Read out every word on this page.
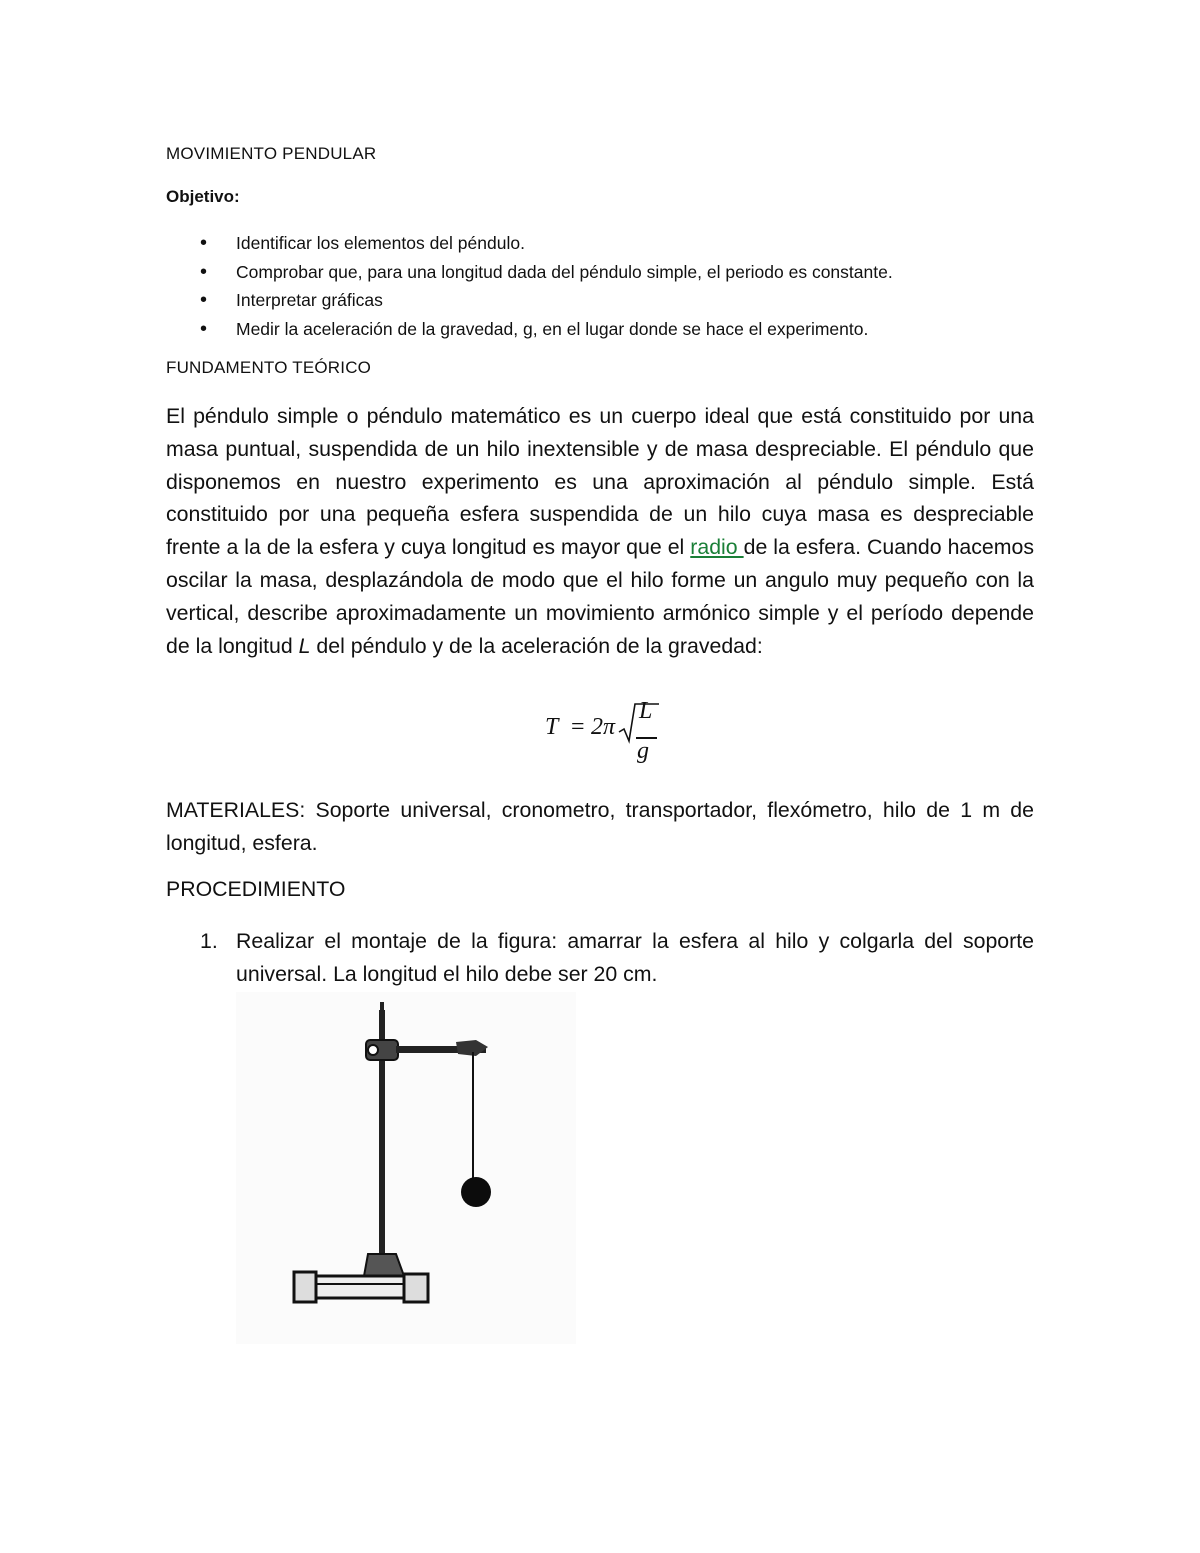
MOVIMIENTO PENDULAR
Objetivo:
• Identificar los elementos del péndulo.
• Comprobar que, para una longitud dada del péndulo simple, el periodo es constante.
• Interpretar gráficas
• Medir la aceleración de la gravedad, g, en el lugar donde se hace el experimento.
FUNDAMENTO TEÓRICO
El péndulo simple o péndulo matemático es un cuerpo ideal que está constituido por una masa puntual, suspendida de un hilo inextensible y de masa despreciable. El péndulo que disponemos en nuestro experimento es una aproximación al péndulo simple. Está constituido por una pequeña esfera suspendida de un hilo cuya masa es despreciable frente a la de la esfera y cuya longitud es mayor que el radio de la esfera. Cuando hacemos oscilar la masa, desplazándola de modo que el hilo forme un angulo muy pequeño con la vertical, describe aproximadamente un movimiento armónico simple y el período depende de la longitud L del péndulo y de la aceleración de la gravedad:
T = 2π
L
g
MATERIALES: Soporte universal, cronometro, transportador, flexómetro, hilo de 1 m de longitud, esfera.
PROCEDIMIENTO
1. Realizar el montaje de la figura: amarrar la esfera al hilo y colgarla del soporte universal. La longitud el hilo debe ser 20 cm.
